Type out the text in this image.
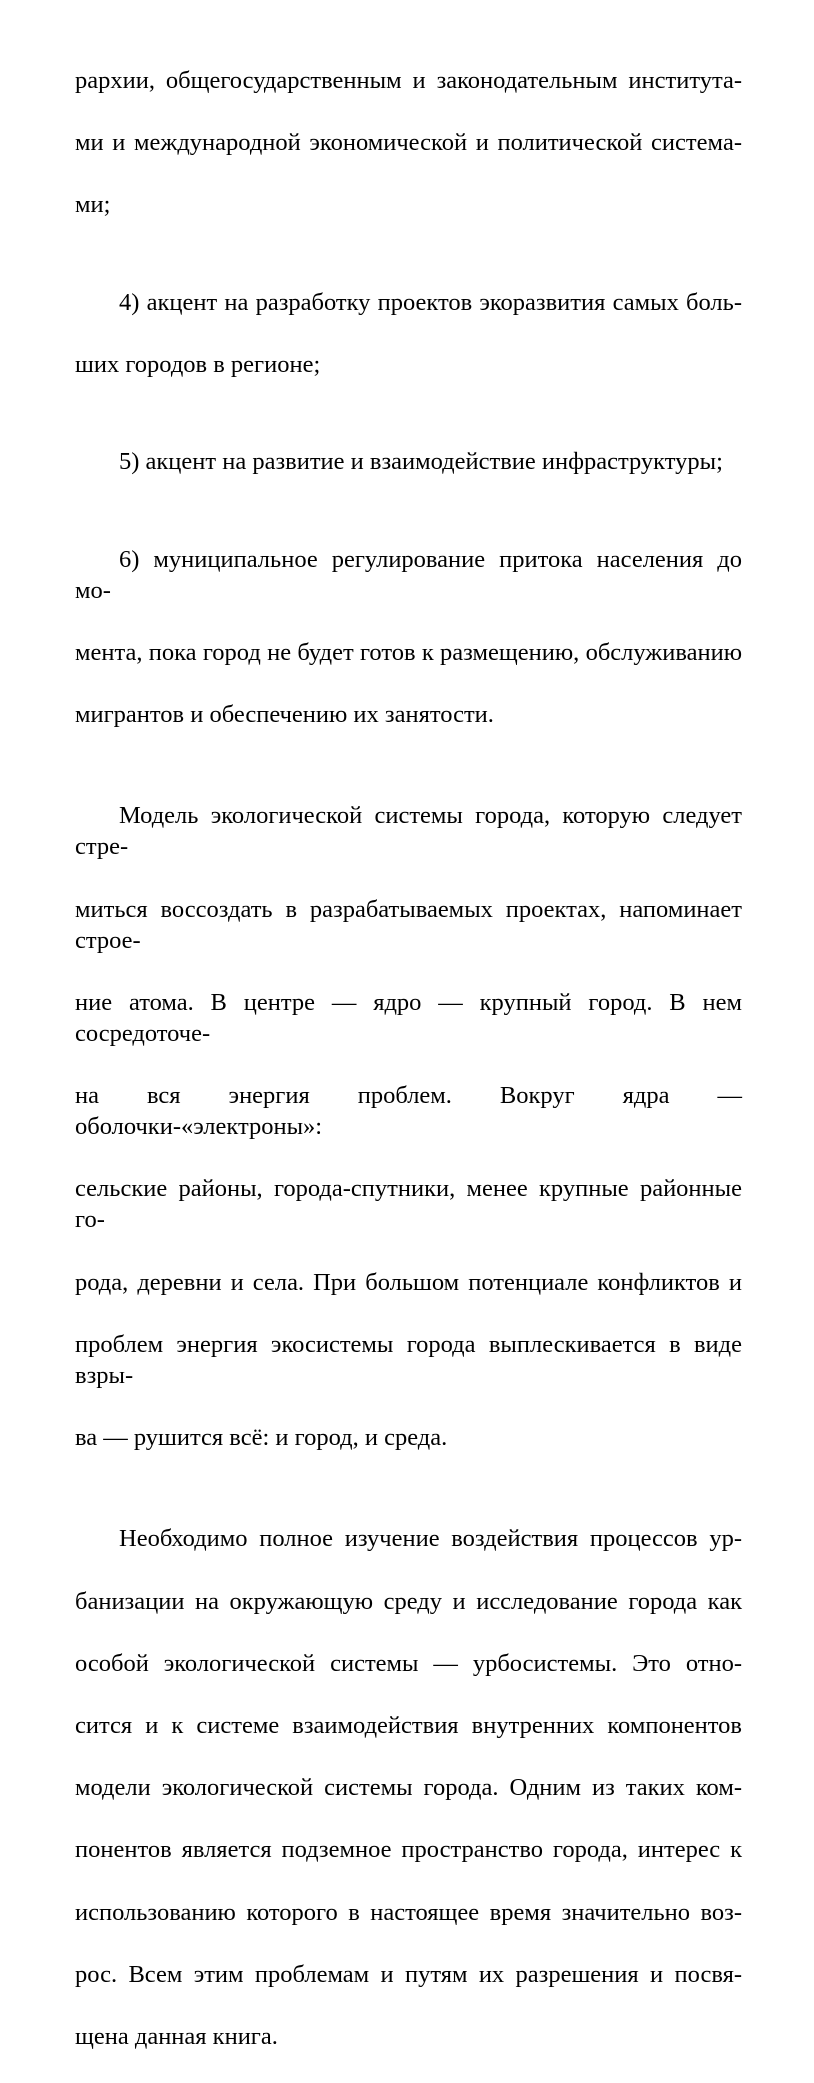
рархии, общегосударственным и законодательным института-

ми и международной экономической и политической системa-

ми;

4) акцент на разработку проектов экоразвития самых боль-

ших городов в регионе;

5) акцент на развитие и взаимодействие инфраструктуры;

6) муниципальное регулирование притока населения до мо-

мента, пока город не будет готов к размещению, обслуживанию

мигрантов и обеспечению их занятости.

Модель экологической системы города, которую следует стре-

миться воссоздать в разрабатываемых проектах, напоминает строе-

ние атома. В центре — ядро — крупный город. В нем сосредоточе-

на вся энергия проблем. Вокруг ядра — оболочки-«электроны»:

сельские районы, города-спутники, менее крупные районные го-

рода, деревни и села. При большом потенциале конфликтов и

проблем энергия экосистемы города выплескивается в виде взры-

ва — рушится всё: и город, и среда.

Необходимо полное изучение воздействия процессов ур-

банизации на окружающую среду и исследование города как

особой экологической системы — урбосистемы. Это отно-

сится и к системе взаимодействия внутренних компонентов

модели экологической системы города. Одним из таких ком-

понентов является подземное пространство города, интерес к

использованию которого в настоящее время значительно воз-

рос. Всем этим проблемам и путям их разрешения и посвя-

щена данная книга.
